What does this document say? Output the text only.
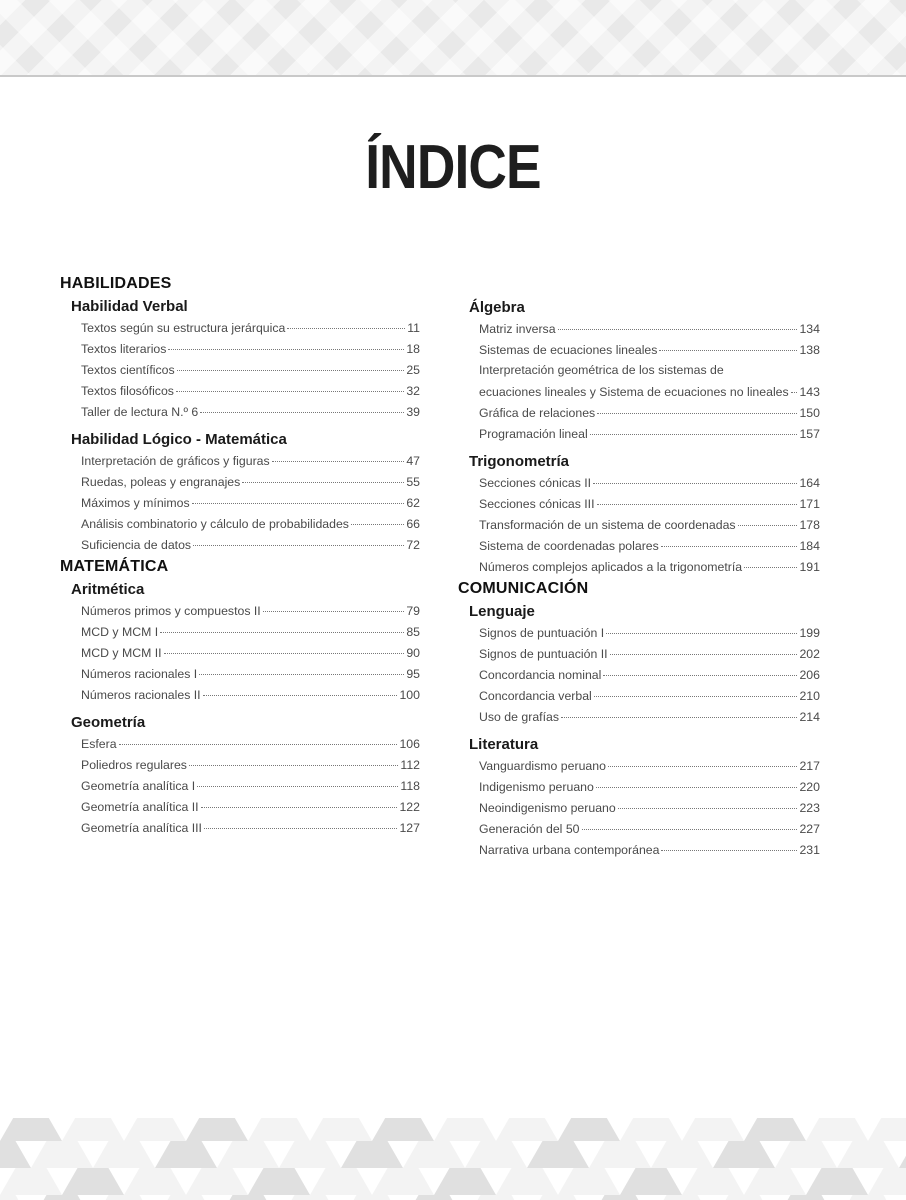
ÍNDICE
HABILIDADES
Habilidad Verbal
Textos según su estructura jerárquica	11
Textos literarios	18
Textos científicos	25
Textos filosóficos	32
Taller de lectura N.º 6	39
Habilidad Lógico - Matemática
Interpretación de gráficos y figuras	47
Ruedas, poleas y engranajes	55
Máximos y mínimos	62
Análisis combinatorio y cálculo de probabilidades	66
Suficiencia de datos	72
MATEMÁTICA
Aritmética
Números primos y compuestos II	79
MCD y MCM I	85
MCD y MCM II	90
Números racionales I	95
Números racionales II	100
Geometría
Esfera	106
Poliedros regulares	112
Geometría analítica I	118
Geometría analítica II	122
Geometría analítica III	127
Álgebra
Matriz inversa	134
Sistemas de ecuaciones lineales	138
Interpretación geométrica de los sistemas de
ecuaciones lineales y Sistema de ecuaciones no lineales 143
Gráfica de relaciones	150
Programación lineal	157
Trigonometría
Secciones cónicas II	164
Secciones cónicas III	171
Transformación de un sistema de coordenadas	178
Sistema de coordenadas polares	184
Números complejos aplicados a la trigonometría	191
COMUNICACIÓN
Lenguaje
Signos de puntuación I	199
Signos de puntuación II	202
Concordancia nominal	206
Concordancia verbal	210
Uso de grafías	214
Literatura
Vanguardismo peruano	217
Indigenismo peruano	220
Neoindigenismo peruano	223
Generación del 50	227
Narrativa urbana contemporánea	231
